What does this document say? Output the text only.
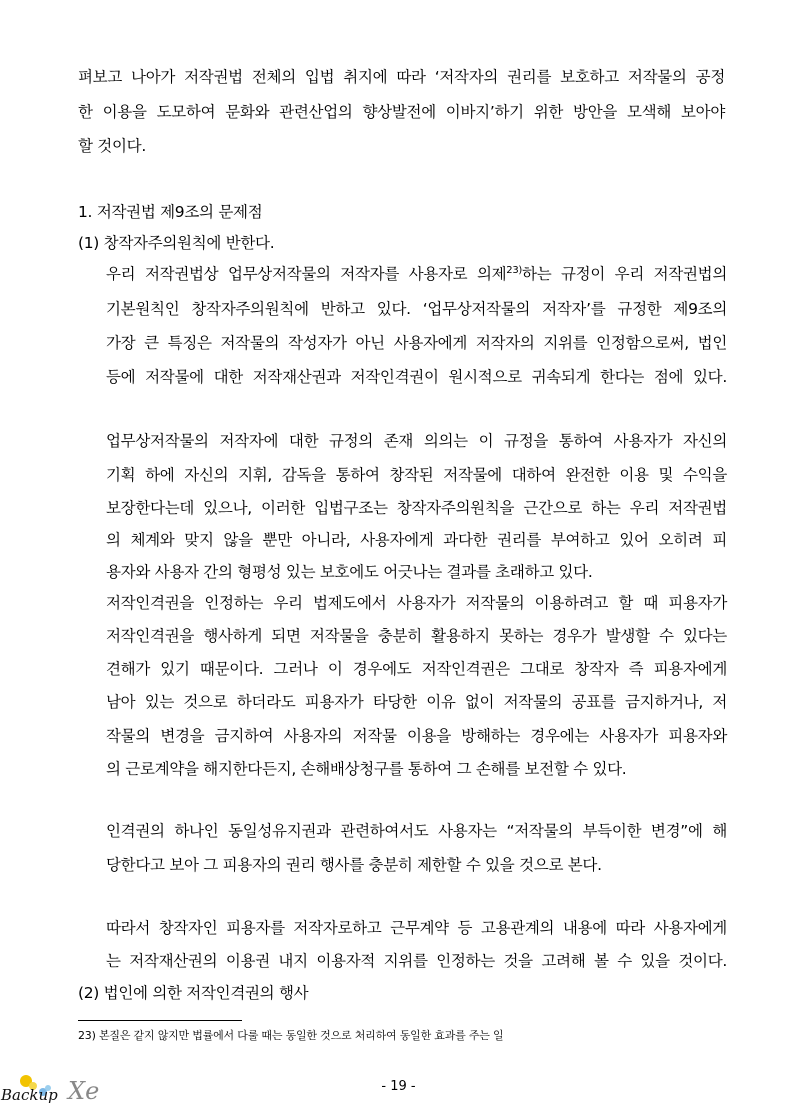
펴보고 나아가 저작권법 전체의 입법 취지에 따라 ‘저작자의 권리를 보호하고 저작물의 공정
한 이용을 도모하여 문화와 관련산업의 향상발전에 이바지’하기 위한 방안을 모색해 보아야
할 것이다.
1. 저작권법 제9조의 문제점
(1) 창작자주의원칙에 반한다.
우리 저작권법상 업무상저작물의 저작자를 사용자로 의제$^{23)}$하는 규정이 우리 저작권법의
기본원칙인 창작자주의원칙에 반하고 있다. ‘업무상저작물의 저작자’를 규정한 제9조의
가장 큰 특징은 저작물의 작성자가 아닌 사용자에게 저작자의 지위를 인정함으로써, 법인
등에 저작물에 대한 저작재산권과 저작인격권이 원시적으로 귀속되게 한다는 점에 있다.
업무상저작물의 저작자에 대한 규정의 존재 의의는 이 규정을 통하여 사용자가 자신의
기획 하에 자신의 지휘, 감독을 통하여 창작된 저작물에 대하여 완전한 이용 및 수익을
보장한다는데 있으나, 이러한 입법구조는 창작자주의원칙을 근간으로 하는 우리 저작권법
의 체계와 맞지 않을 뿐만 아니라, 사용자에게 과다한 권리를 부여하고 있어 오히려 피
용자와 사용자 간의 형평성 있는 보호에도 어긋나는 결과를 초래하고 있다.
저작인격권을 인정하는 우리 법제도에서 사용자가 저작물의 이용하려고 할 때 피용자가
저작인격권을 행사하게 되면 저작물을 충분히 활용하지 못하는 경우가 발생할 수 있다는
견해가 있기 때문이다. 그러나 이 경우에도 저작인격권은 그대로 창작자 즉 피용자에게
남아 있는 것으로 하더라도 피용자가 타당한 이유 없이 저작물의 공표를 금지하거나, 저
작물의 변경을 금지하여 사용자의 저작물 이용을 방해하는 경우에는 사용자가 피용자와
의 근로계약을 해지한다든지, 손해배상청구를 통하여 그 손해를 보전할 수 있다.
인격권의 하나인 동일성유지권과 관련하여서도 사용자는 “저작물의 부득이한 변경”에 해
당한다고 보아 그 피용자의 권리 행사를 충분히 제한할 수 있을 것으로 본다.
따라서 창작자인 피용자를 저작자로하고 근무계약 등 고용관계의 내용에 따라 사용자에게
는 저작재산권의 이용권 내지 이용자적 지위를 인정하는 것을 고려해 볼 수 있을 것이다.
(2) 법인에 의한 저작인격권의 행사
23) 본질은 같지 않지만 법률에서 다룰 때는 동일한 것으로 처리하여 동일한 효과를 주는 일
- 19 -
Backup Xe
